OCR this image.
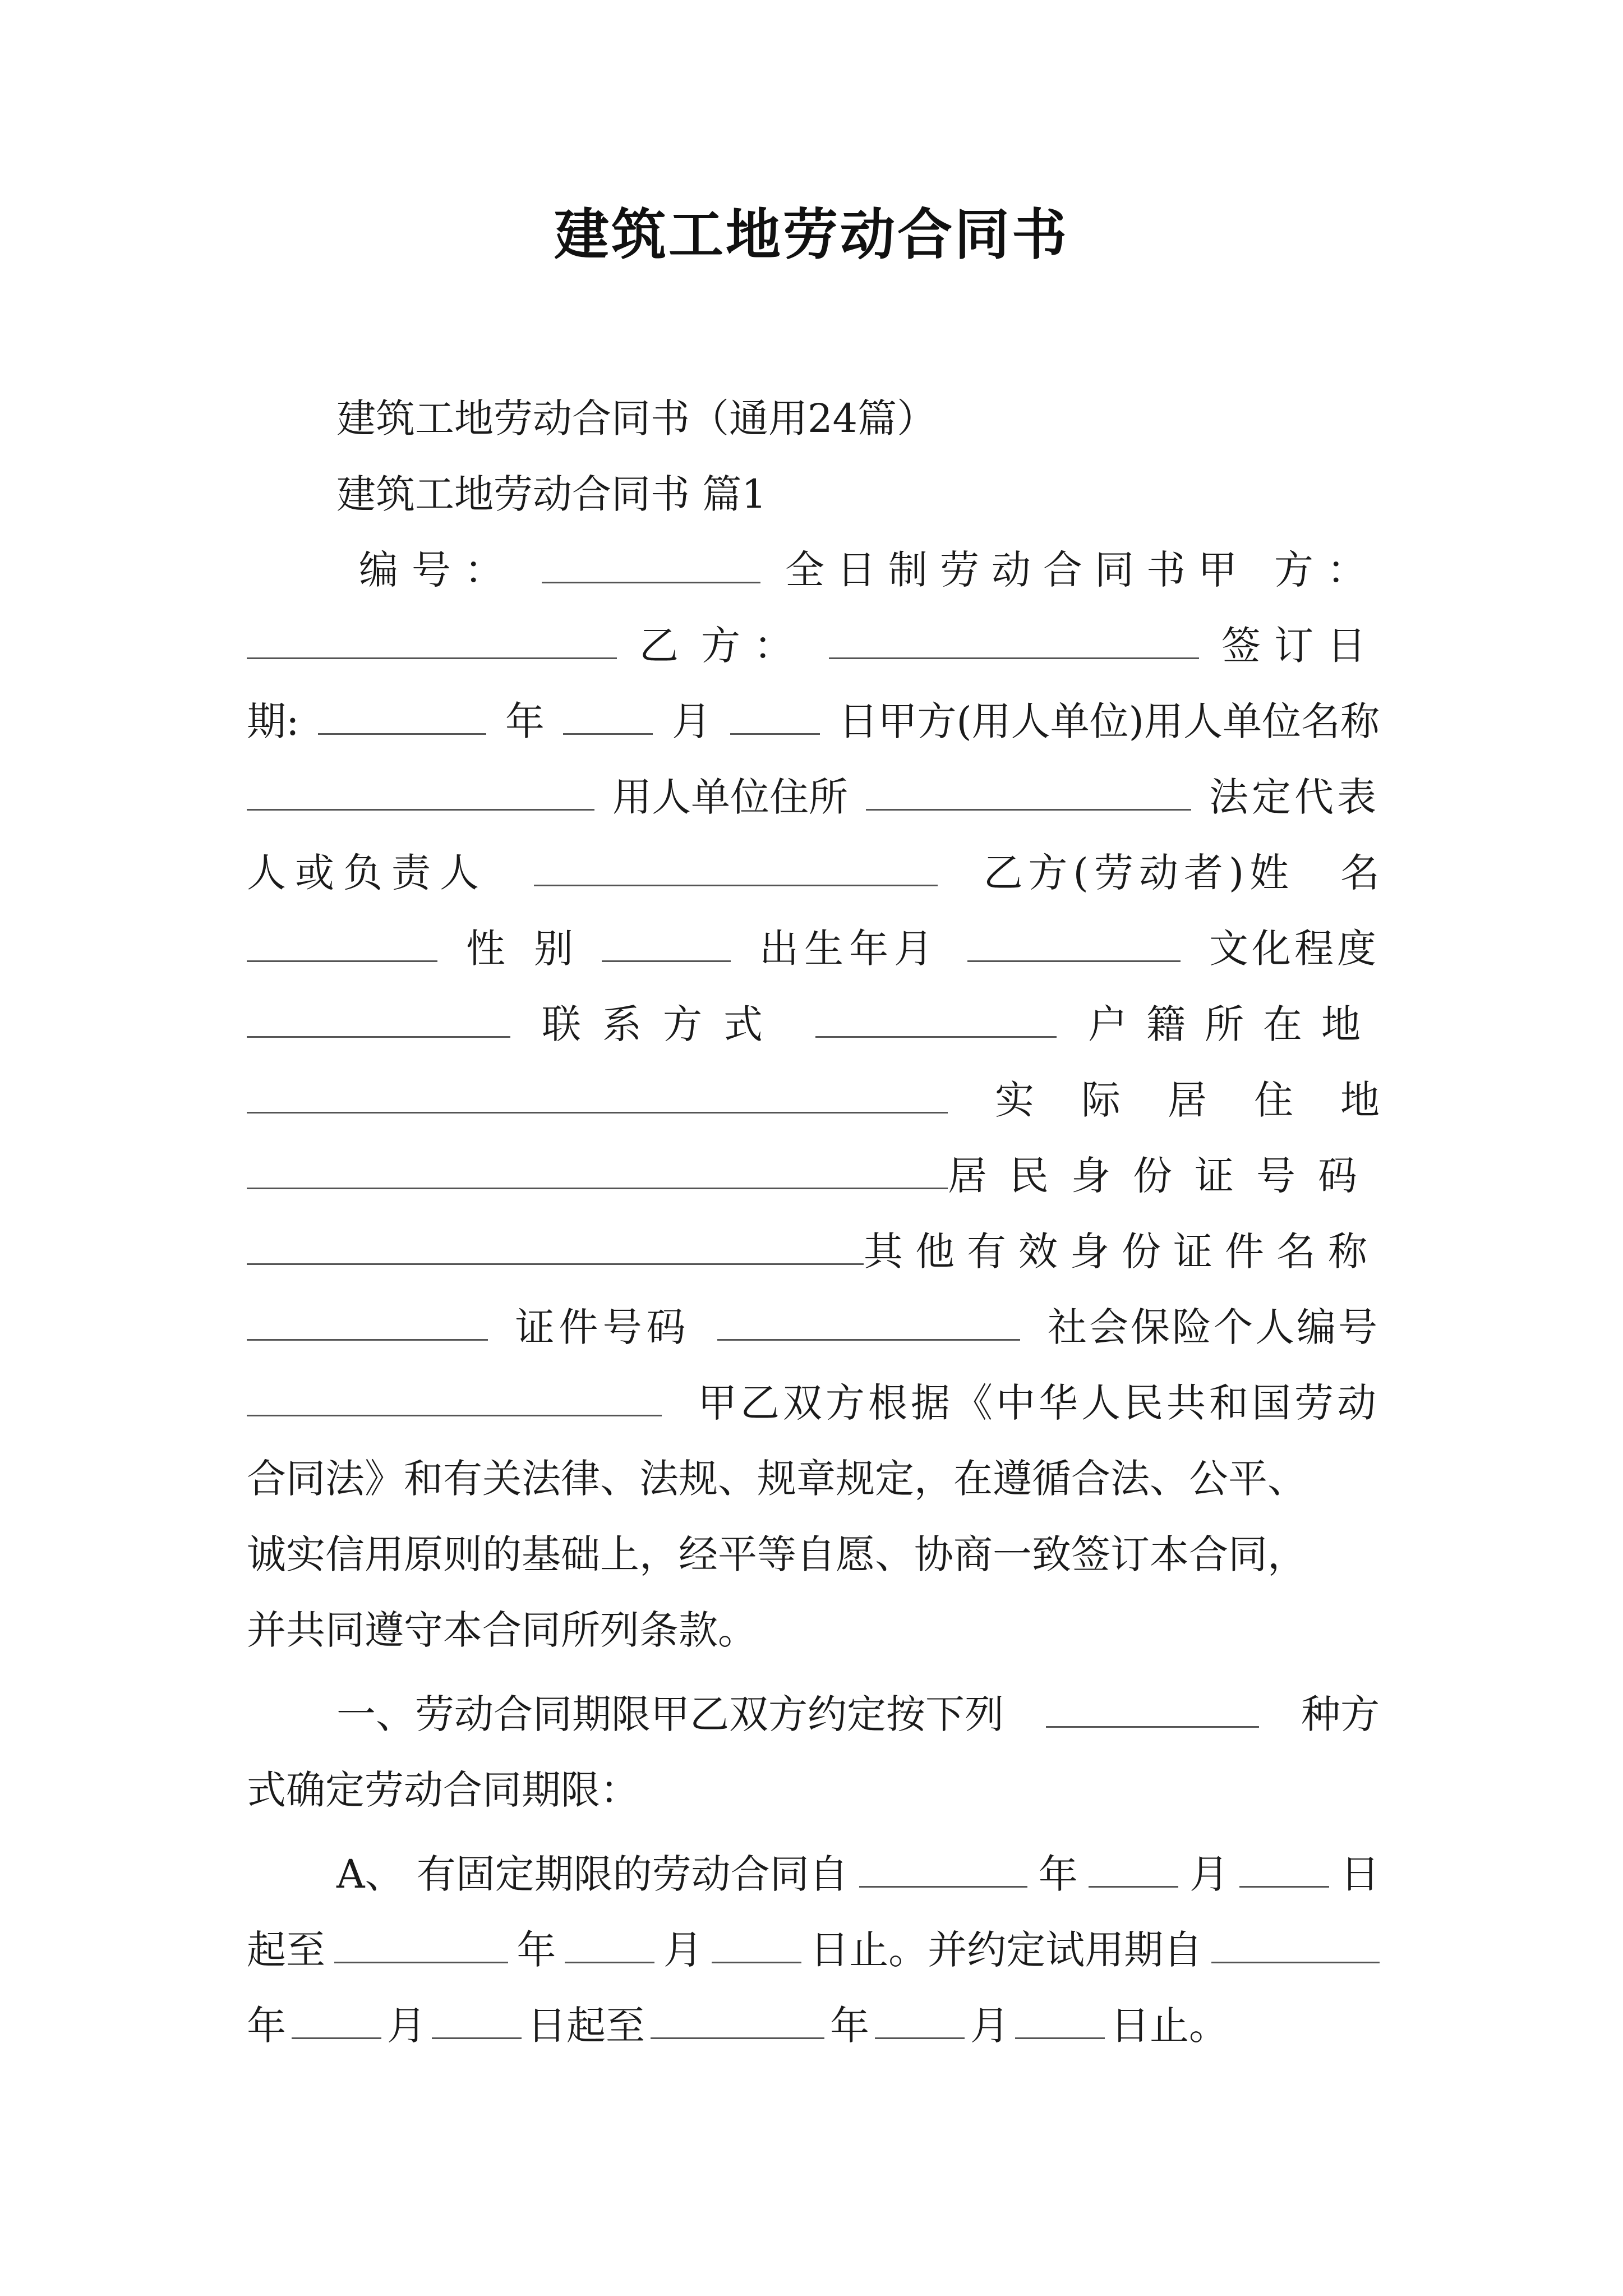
建筑工地劳动合同书
建筑工地劳动合同书（通用24篇）
建筑工地劳动合同书 篇1
编号：	全日制劳动合同书甲 方：
乙 方：	签订日
期:	年	月	日甲方(用人单位)用人单位名称
用人单位住所	法定代表
人或负责人	乙方(劳动者)姓 名
性 别	出生年月	文化程度
联系方式	户籍所在地
实 际 居 住 地
居民身份证号码
其他有效身份证件名称
证件号码	社会保险个人编号
甲乙双方根据《中华人民共和国劳动
合同法》和有关法律、法规、规章规定，在遵循合法、公平、
诚实信用原则的基础上，经平等自愿、协商一致签订本合同，
并共同遵守本合同所列条款。
一、劳动合同期限甲乙双方约定按下列	种方
式确定劳动合同期限：
A、 有固定期限的劳动合同自	年	月	日
起至	年	月	日止。并约定试用期自
年	月	日起至	年	月	日止。
